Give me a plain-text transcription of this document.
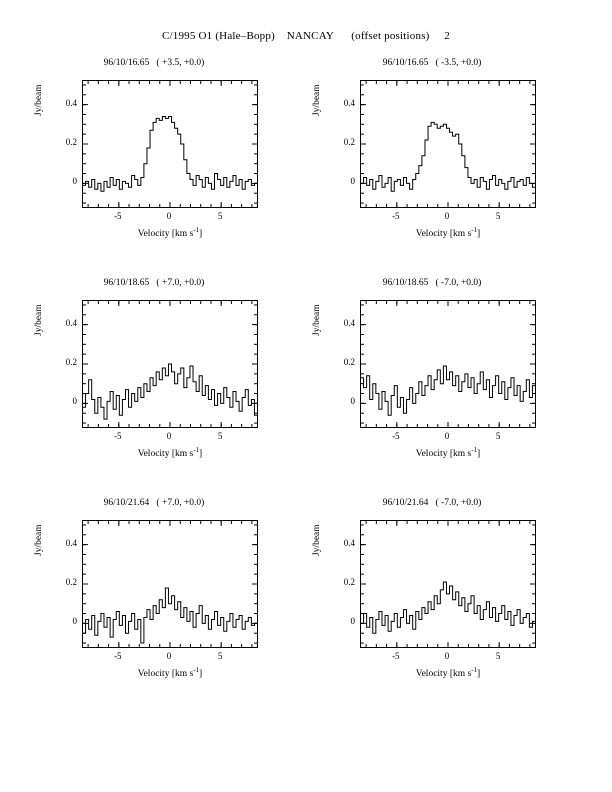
C/1995 O1 (Hale–Bopp)    NANCAY      (offset positions)     2
96/10/16.65   ( +3.5, +0.0)
Jy/beam
Velocity [km $s^{-1}$]
0
0.2
0.4
-5	0	5
96/10/16.65   ( -3.5, +0.0)
Jy/beam
Velocity [km $s^{-1}$]
0
0.2
0.4
-5	0	5
96/10/18.65   ( +7.0, +0.0)
Jy/beam
Velocity [km $s^{-1}$]
0
0.2
0.4
-5	0	5
96/10/18.65   ( -7.0, +0.0)
Jy/beam
Velocity [km $s^{-1}$]
0
0.2
0.4
-5	0	5
96/10/21.64   ( +7.0, +0.0)
Jy/beam
Velocity [km $s^{-1}$]
0
0.2
0.4
-5	0	5
96/10/21.64   ( -7.0, +0.0)
Jy/beam
Velocity [km $s^{-1}$]
0
0.2
0.4
-5	0	5
